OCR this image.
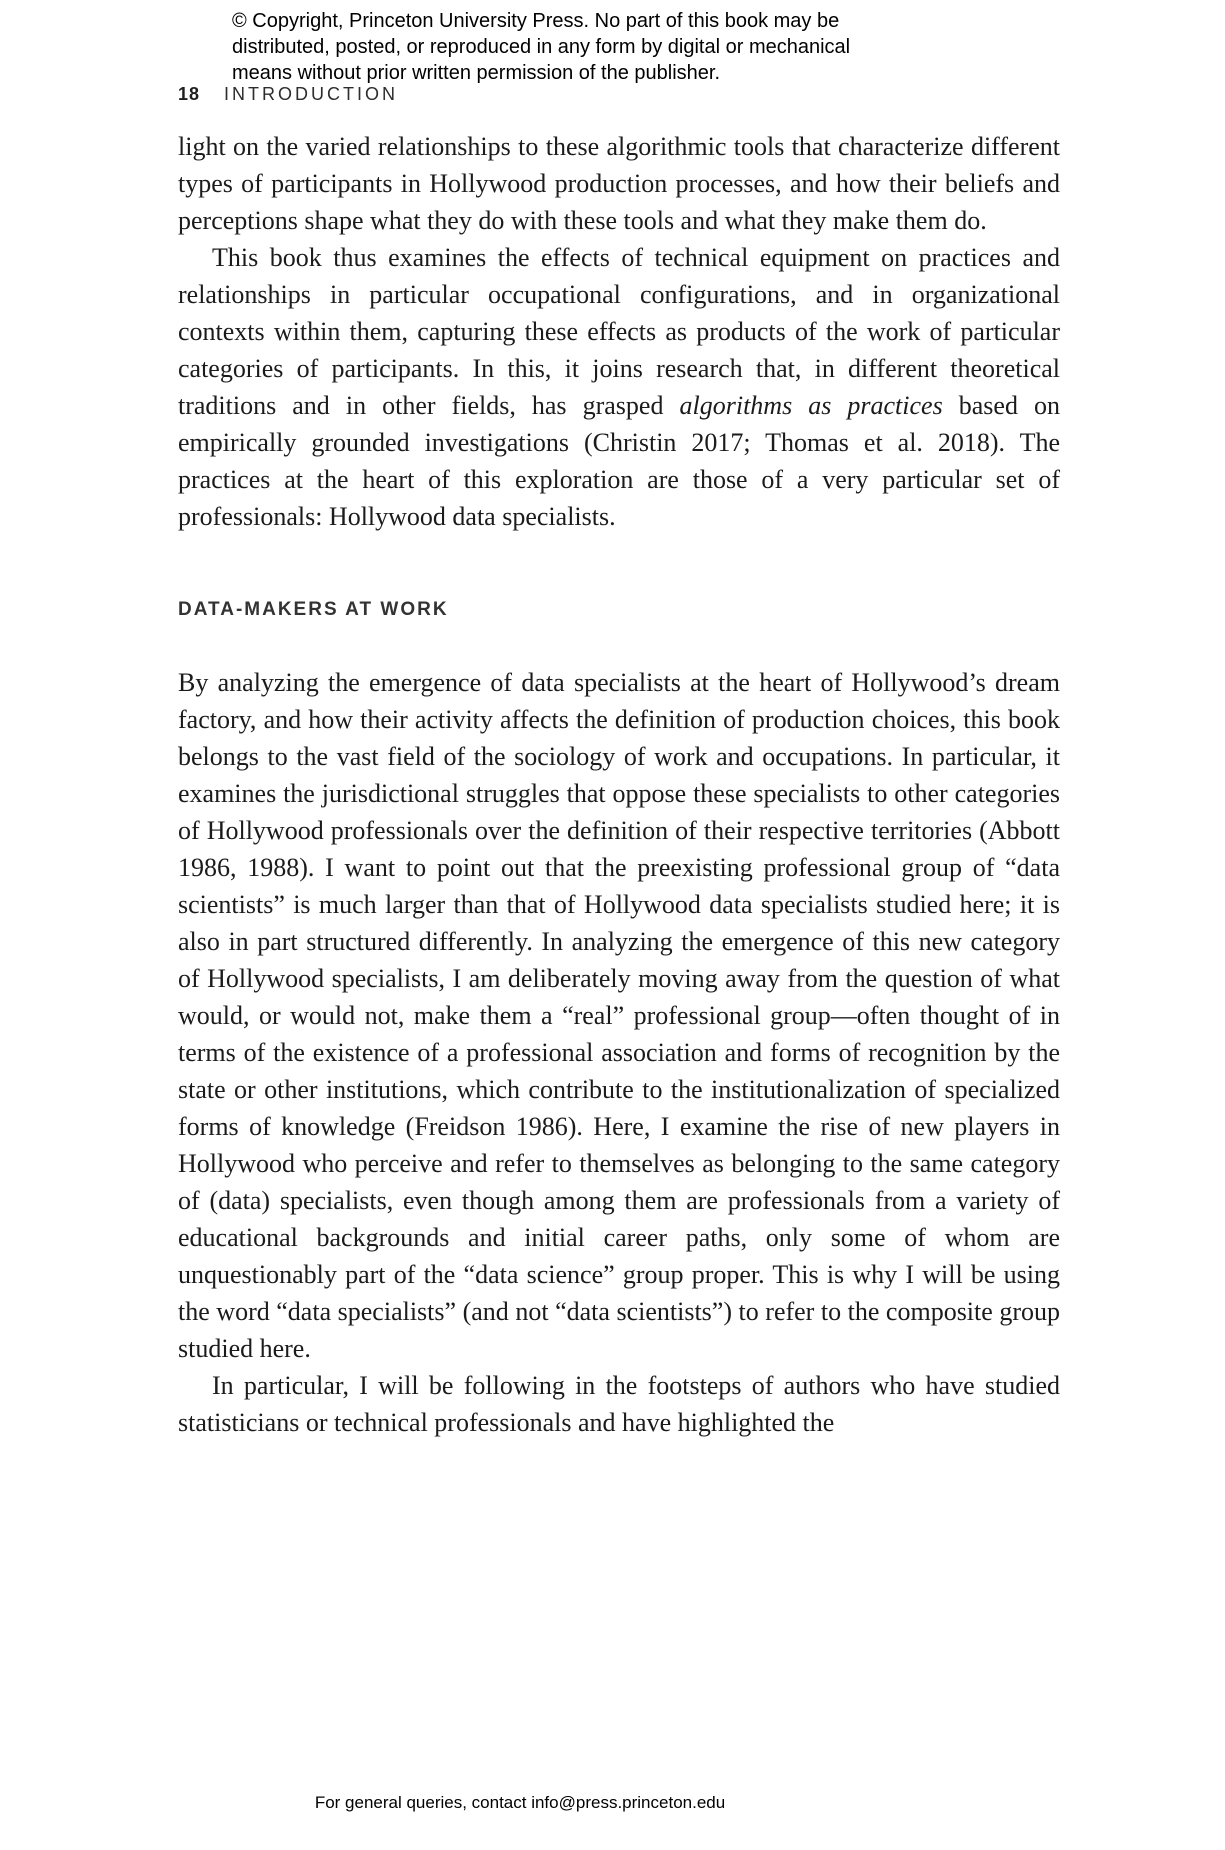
© Copyright, Princeton University Press. No part of this book may be
distributed, posted, or reproduced in any form by digital or mechanical
means without prior written permission of the publisher.
18 INTRODUCTION

light on the varied relationships to these algorithmic tools that characterize different types of participants in Hollywood production processes, and how their beliefs and perceptions shape what they do with these tools and what they make them do.

This book thus examines the effects of technical equipment on practices and relationships in particular occupational configurations, and in organizational contexts within them, capturing these effects as products of the work of particular categories of participants. In this, it joins research that, in different theoretical traditions and in other fields, has grasped algorithms as practices based on empirically grounded investigations (Christin 2017; Thomas et al. 2018). The practices at the heart of this exploration are those of a very particular set of professionals: Hollywood data specialists.

DATA-MAKERS AT WORK

By analyzing the emergence of data specialists at the heart of Hollywood’s dream factory, and how their activity affects the definition of production choices, this book belongs to the vast field of the sociology of work and occupations. In particular, it examines the jurisdictional struggles that oppose these specialists to other categories of Hollywood professionals over the definition of their respective territories (Abbott 1986, 1988). I want to point out that the preexisting professional group of “data scientists” is much larger than that of Hollywood data specialists studied here; it is also in part structured differently. In analyzing the emergence of this new category of Hollywood specialists, I am deliberately moving away from the question of what would, or would not, make them a “real” professional group—often thought of in terms of the existence of a professional association and forms of recognition by the state or other institutions, which contribute to the institutionalization of specialized forms of knowledge (Freidson 1986). Here, I examine the rise of new players in Hollywood who perceive and refer to themselves as belonging to the same category of (data) specialists, even though among them are professionals from a variety of educational backgrounds and initial career paths, only some of whom are unquestionably part of the “data science” group proper. This is why I will be using the word “data specialists” (and not “data scientists”) to refer to the composite group studied here.

In particular, I will be following in the footsteps of authors who have studied statisticians or technical professionals and have highlighted the

For general queries, contact info@press.princeton.edu
